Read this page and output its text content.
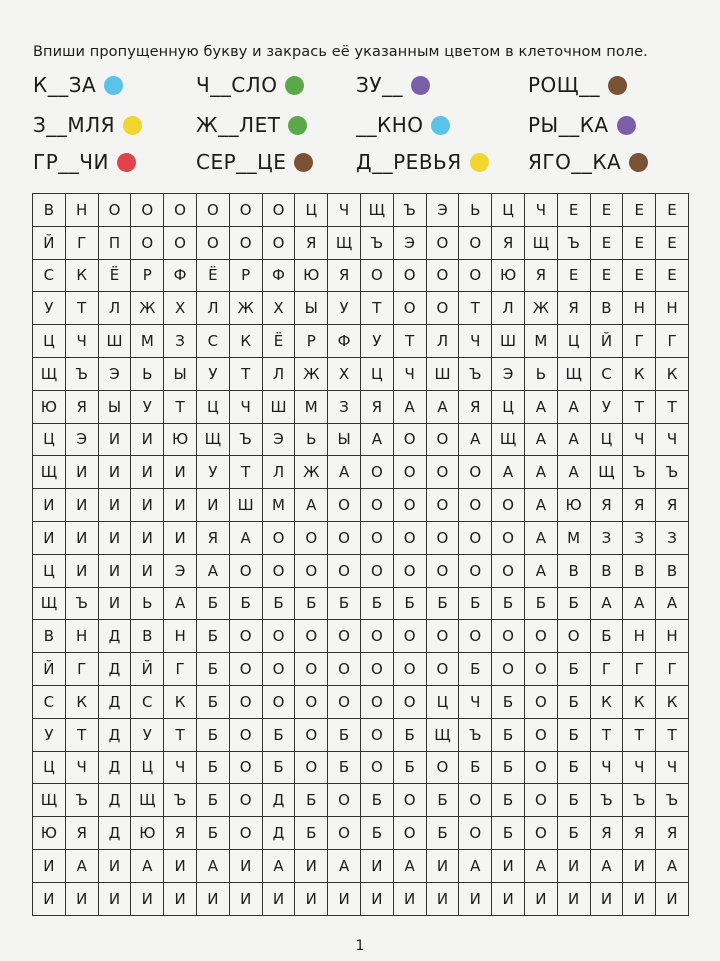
Впиши пропущенную букву и закрась её указанным цветом в клеточном поле.
К__ЗА	Ч__СЛО	ЗУ__	РОЩ__
З__МЛЯ	Ж__ЛЕТ	__КНО	РЫ__КА
ГР__ЧИ	СЕР__ЦЕ	Д__РЕВЬЯ	ЯГО__КА
В	Н	О	О	О	О	О	О	Ц	Ч	Щ	Ъ	Э	Ь	Ц	Ч	Е	Е	Е	Е
Й	Г	П	О	О	О	О	О	Я	Щ	Ъ	Э	О	О	Я	Щ	Ъ	Е	Е	Е
С	К	Ё	Р	Ф	Ё	Р	Ф	Ю	Я	О	О	О	О	Ю	Я	Е	Е	Е	Е
У	Т	Л	Ж	Х	Л	Ж	Х	Ы	У	Т	О	О	Т	Л	Ж	Я	В	Н	Н
Ц	Ч	Ш	М	З	С	К	Ё	Р	Ф	У	Т	Л	Ч	Ш	М	Ц	Й	Г	Г
Щ	Ъ	Э	Ь	Ы	У	Т	Л	Ж	Х	Ц	Ч	Ш	Ъ	Э	Ь	Щ	С	К	К
Ю	Я	Ы	У	Т	Ц	Ч	Ш	М	З	Я	А	А	Я	Ц	А	А	У	Т	Т
Ц	Э	И	И	Ю	Щ	Ъ	Э	Ь	Ы	А	О	О	А	Щ	А	А	Ц	Ч	Ч
Щ	И	И	И	И	У	Т	Л	Ж	А	О	О	О	О	А	А	А	Щ	Ъ	Ъ
И	И	И	И	И	И	Ш	М	А	О	О	О	О	О	О	А	Ю	Я	Я	Я
И	И	И	И	И	Я	А	О	О	О	О	О	О	О	О	А	М	З	З	З
Ц	И	И	И	Э	А	О	О	О	О	О	О	О	О	О	А	В	В	В	В
Щ	Ъ	И	Ь	А	Б	Б	Б	Б	Б	Б	Б	Б	Б	Б	Б	Б	А	А	А
В	Н	Д	В	Н	Б	О	О	О	О	О	О	О	О	О	О	О	Б	Н	Н
Й	Г	Д	Й	Г	Б	О	О	О	О	О	О	О	Б	О	О	Б	Г	Г	Г
С	К	Д	С	К	Б	О	О	О	О	О	О	Ц	Ч	Б	О	Б	К	К	К
У	Т	Д	У	Т	Б	О	Б	О	Б	О	Б	Щ	Ъ	Б	О	Б	Т	Т	Т
Ц	Ч	Д	Ц	Ч	Б	О	Б	О	Б	О	Б	О	Б	Б	О	Б	Ч	Ч	Ч
Щ	Ъ	Д	Щ	Ъ	Б	О	Д	Б	О	Б	О	Б	О	Б	О	Б	Ъ	Ъ	Ъ
Ю	Я	Д	Ю	Я	Б	О	Д	Б	О	Б	О	Б	О	Б	О	Б	Я	Я	Я
И	А	И	А	И	А	И	А	И	А	И	А	И	А	И	А	И	А	И	А
И	И	И	И	И	И	И	И	И	И	И	И	И	И	И	И	И	И	И	И
1
